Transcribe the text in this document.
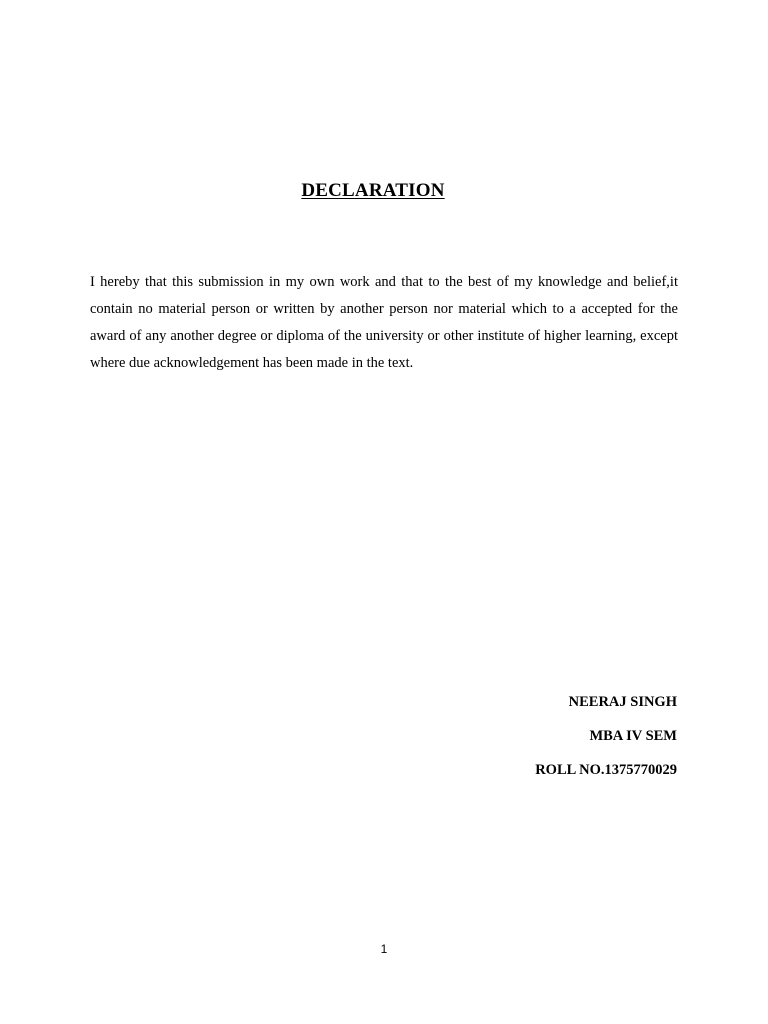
DECLARATION
I hereby that this submission in my own work and that to the best of my knowledge and belief,it contain no material person or written by another person nor material which to a accepted for the award of any another degree or diploma of the university or other institute of higher learning, except where due acknowledgement has been made in the text.
NEERAJ SINGH
MBA IV SEM
ROLL NO.1375770029
1
